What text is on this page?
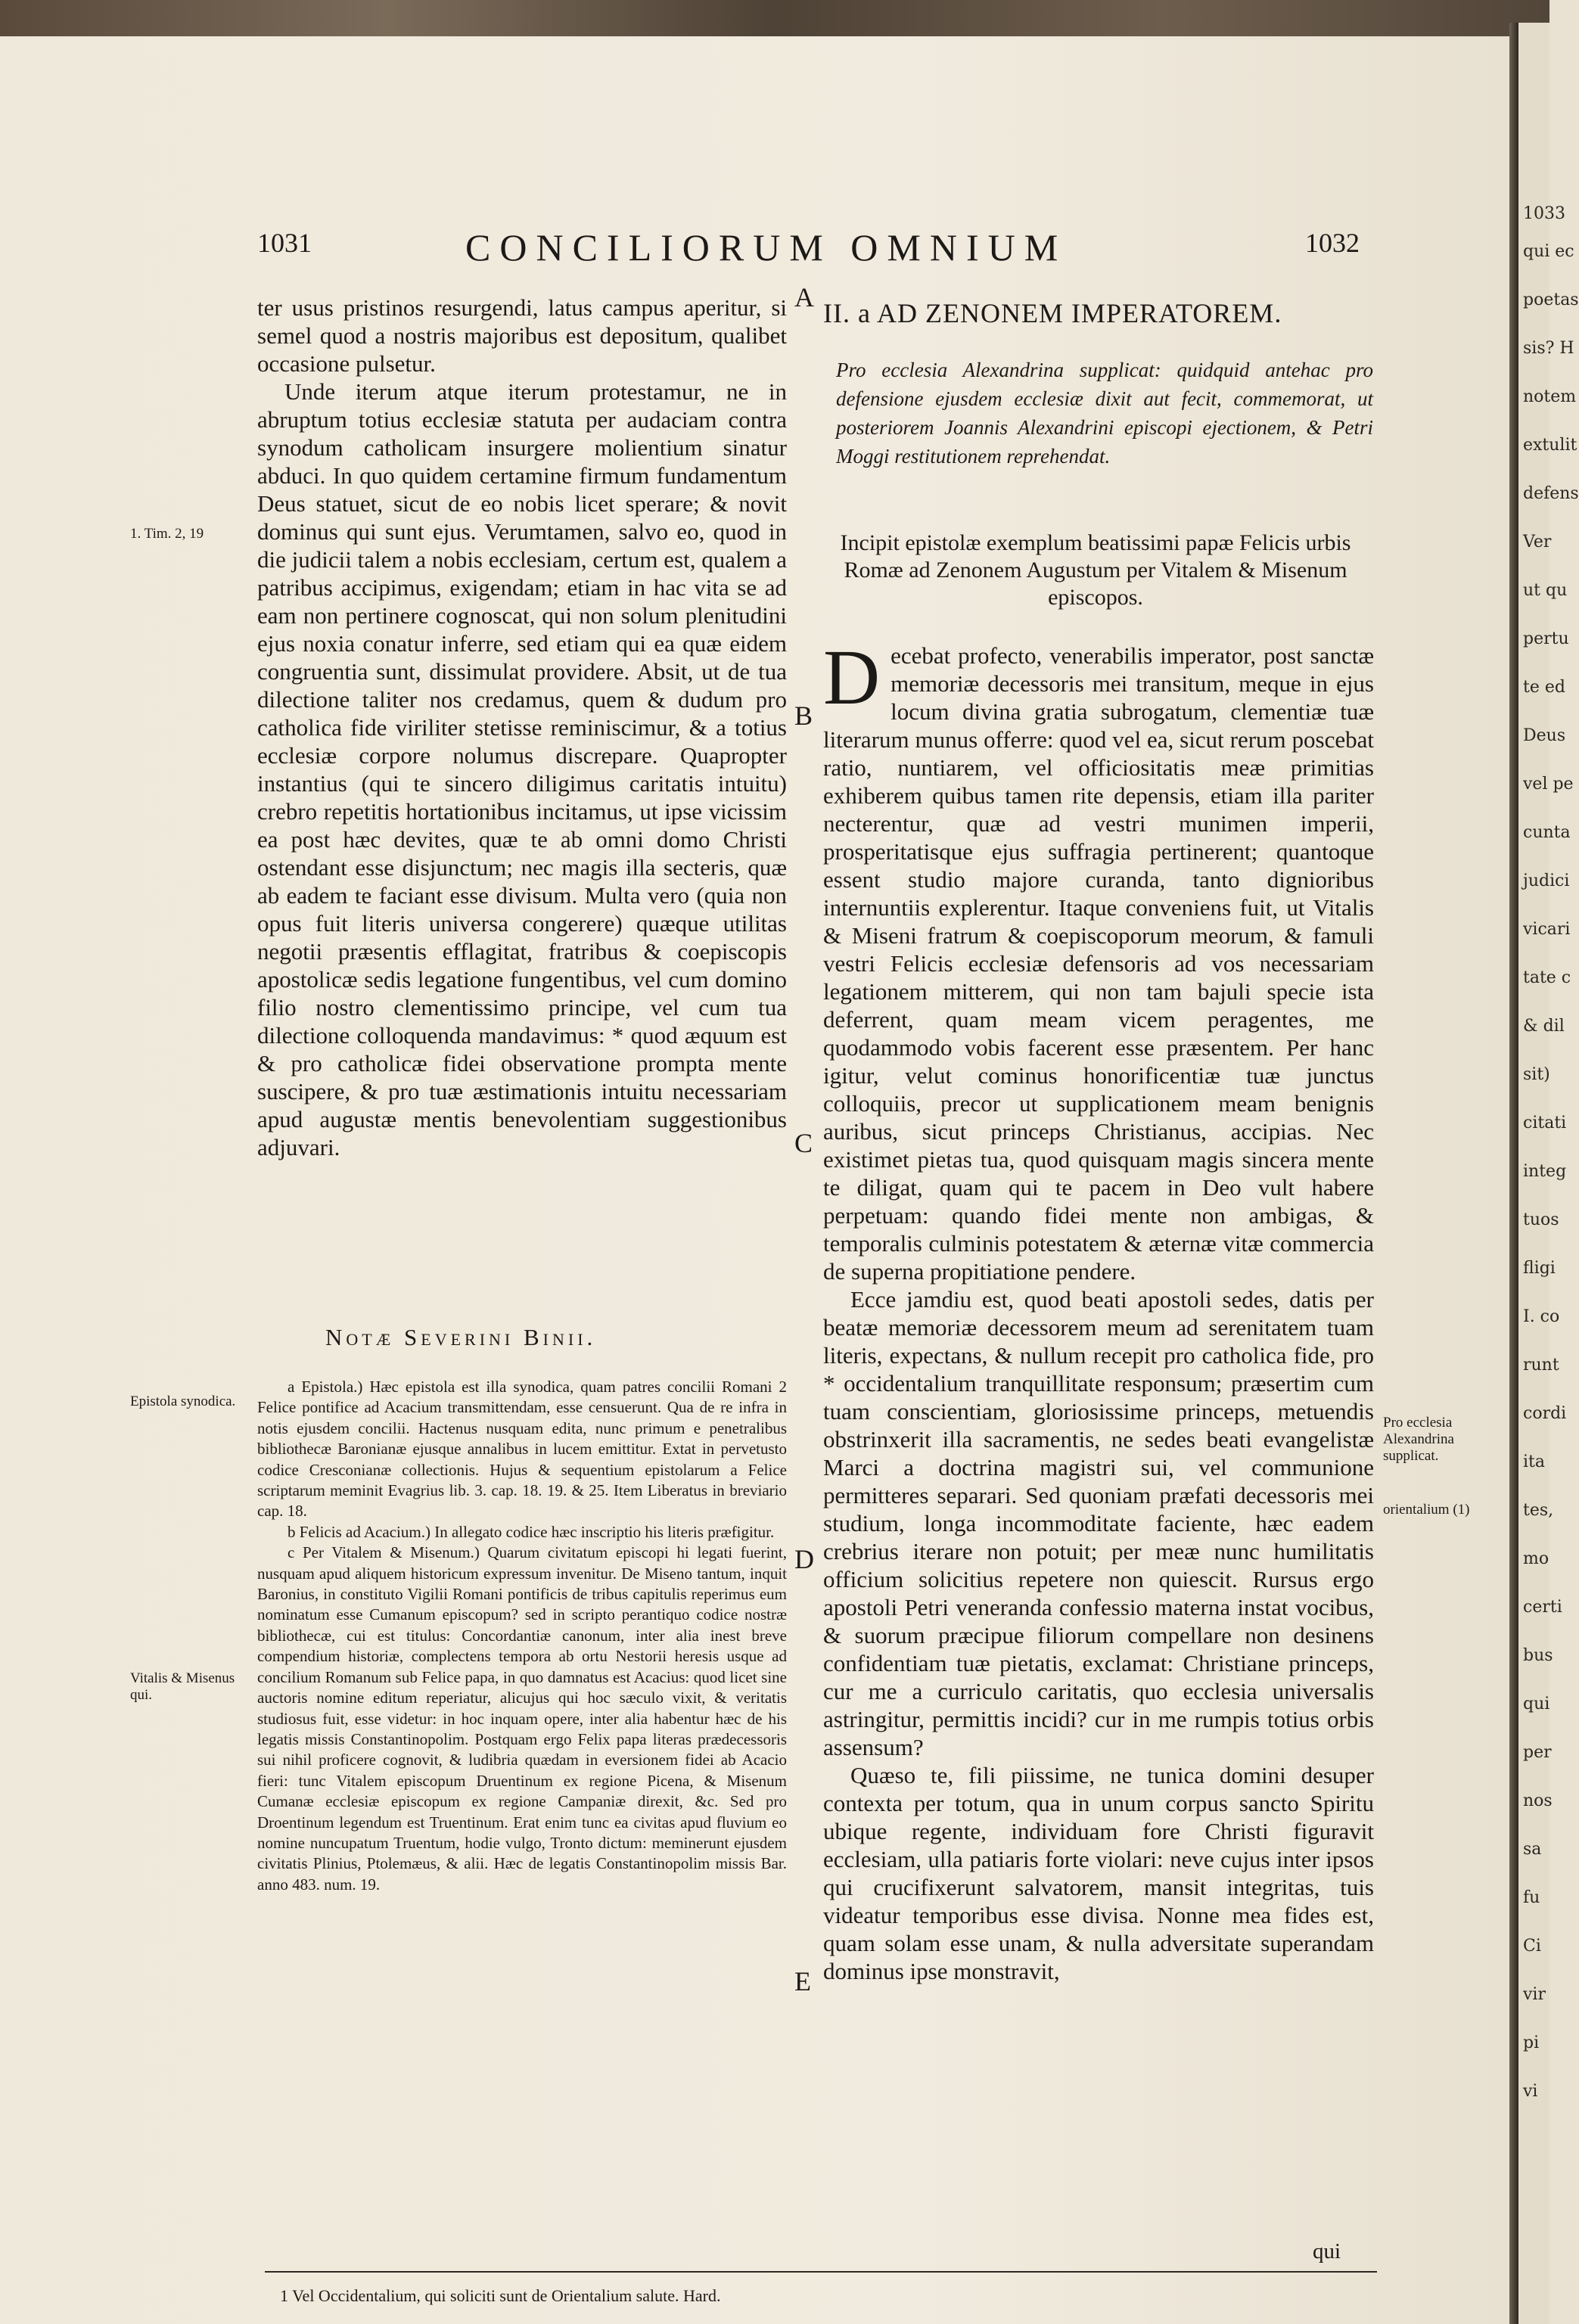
1033
qui ec
poetas
sis? H
notem
extulit
defens
Ver
ut qu
pertu
te ed
Deus
vel pe
cunta
judici
vicari
tate c
& dil
sit)
citati
integ
tuos
fligi
I. co
runt
cordi
ita
tes,
mo
certi
bus
qui
per
nos
sa
fu
Ci
vir
pi
vi
1031	CONCILIORUM OMNIUM	1032
A
B
C
D
E

ter usus pristinos resurgendi, latus campus aperitur, si semel quod a nostris majoribus est depositum, qualibet occasione pulsetur.

Unde iterum atque iterum protestamur, ne in abruptum totius ecclesiæ statuta per audaciam contra synodum catholicam insurgere molientium sinatur abduci. In quo quidem certamine firmum fundamentum Deus statuet, sicut de eo nobis licet sperare; & novit dominus qui sunt ejus. Verumtamen, salvo eo, quod in die judicii talem a nobis ecclesiam, certum est, qualem a patribus accipimus, exigendam; etiam in hac vita se ad eam non pertinere cognoscat, qui non solum plenitudini ejus noxia conatur inferre, sed etiam qui ea quæ eidem congruentia sunt, dissimulat providere. Absit, ut de tua dilectione taliter nos credamus, quem & dudum pro catholica fide viriliter stetisse reminiscimur, & a totius ecclesiæ corpore nolumus discrepare. Quapropter instantius (qui te sincero diligimus caritatis intuitu) crebro repetitis hortationibus incitamus, ut ipse vicissim ea post hæc devites, quæ te ab omni domo Christi ostendant esse disjunctum; nec magis illa secteris, quæ ab eadem te faciant esse divisum. Multa vero (quia non opus fuit literis universa congerere) quæque utilitas negotii præsentis efflagitat, fratribus & coepiscopis apostolicæ sedis legatione fungentibus, vel cum domino filio nostro clementissimo principe, vel cum tua dilectione colloquenda mandavimus: * quod æquum est & pro catholicæ fidei observatione prompta mente suscipere, & pro tuæ æstimationis intuitu necessariam apud augustæ mentis benevolentiam suggestionibus adjuvari.

1. Tim. 2, 19
Epistola synodica.
Vitalis & Misenus qui.
Pro ecclesia Alexandrina supplicat.
orientalium (1)
Notæ Severini Binii.

a Epistola.) Hæc epistola est illa synodica, quam patres concilii Romani 2 Felice pontifice ad Acacium transmittendam, esse censuerunt. Qua de re infra in notis ejusdem concilii. Hactenus nusquam edita, nunc primum e penetralibus bibliothecæ Baronianæ ejusque annalibus in lucem emittitur. Extat in pervetusto codice Cresconianæ collectionis. Hujus & sequentium epistolarum a Felice scriptarum meminit Evagrius lib. 3. cap. 18. 19. & 25. Item Liberatus in breviario cap. 18.

b Felicis ad Acacium.) In allegato codice hæc inscriptio his literis præfigitur.

c Per Vitalem & Misenum.) Quarum civitatum episcopi hi legati fuerint, nusquam apud aliquem historicum expressum invenitur. De Miseno tantum, inquit Baronius, in constituto Vigilii Romani pontificis de tribus capitulis reperimus eum nominatum esse Cumanum episcopum? sed in scripto perantiquo codice nostræ bibliothecæ, cui est titulus: Concordantiæ canonum, inter alia inest breve compendium historiæ, complectens tempora ab ortu Nestorii heresis usque ad concilium Romanum sub Felice papa, in quo damnatus est Acacius: quod licet sine auctoris nomine editum reperiatur, alicujus qui hoc sæculo vixit, & veritatis studiosus fuit, esse videtur: in hoc inquam opere, inter alia habentur hæc de his legatis missis Constantinopolim. Postquam ergo Felix papa literas prædecessoris sui nihil proficere cognovit, & ludibria quædam in eversionem fidei ab Acacio fieri: tunc Vitalem episcopum Druentinum ex regione Picena, & Misenum Cumanæ ecclesiæ episcopum ex regione Campaniæ direxit, &c. Sed pro Droentinum legendum est Truentinum. Erat enim tunc ea civitas apud fluvium eo nomine nuncupatum Truentum, hodie vulgo, Tronto dictum: meminerunt ejusdem civitatis Plinius, Ptolemæus, & alii. Hæc de legatis Constantinopolim missis Bar. anno 483. num. 19.

II. a AD ZENONEM IMPERATOREM.
Pro ecclesia Alexandrina supplicat: quidquid antehac pro defensione ejusdem ecclesiæ dixit aut fecit, commemorat, ut posteriorem Joannis Alexandrini episcopi ejectionem, & Petri Moggi restitutionem reprehendat.
Incipit epistolæ exemplum beatissimi papæ Felicis urbis Romæ ad Zenonem Augustum per Vitalem & Misenum episcopos.

Decebat profecto, venerabilis imperator, post sanctæ memoriæ decessoris mei transitum, meque in ejus locum divina gratia subrogatum, clementiæ tuæ literarum munus offerre: quod vel ea, sicut rerum poscebat ratio, nuntiarem, vel officiositatis meæ primitias exhiberem quibus tamen rite depensis, etiam illa pariter necterentur, quæ ad vestri munimen imperii, prosperitatisque ejus suffragia pertinerent; quantoque essent studio majore curanda, tanto dignioribus internuntiis explerentur. Itaque conveniens fuit, ut Vitalis & Miseni fratrum & coepiscoporum meorum, & famuli vestri Felicis ecclesiæ defensoris ad vos necessariam legationem mitterem, qui non tam bajuli specie ista deferrent, quam meam vicem peragentes, me quodammodo vobis facerent esse præsentem. Per hanc igitur, velut cominus honorificentiæ tuæ junctus colloquiis, precor ut supplicationem meam benignis auribus, sicut princeps Christianus, accipias. Nec existimet pietas tua, quod quisquam magis sincera mente te diligat, quam qui te pacem in Deo vult habere perpetuam: quando fidei mente non ambigas, & temporalis culminis potestatem & æternæ vitæ commercia de superna propitiatione pendere.

Ecce jamdiu est, quod beati apostoli sedes, datis per beatæ memoriæ decessorem meum ad serenitatem tuam literis, expectans, & nullum recepit pro catholica fide, pro * occidentalium tranquillitate responsum; præsertim cum tuam conscientiam, gloriosissime princeps, metuendis obstrinxerit illa sacramentis, ne sedes beati evangelistæ Marci a doctrina magistri sui, vel communione permitteres separari. Sed quoniam præfati decessoris mei studium, longa incommoditate faciente, hæc eadem crebrius iterare non potuit; per meæ nunc humilitatis officium solicitius repetere non quiescit. Rursus ergo apostoli Petri veneranda confessio materna instat vocibus, & suorum præcipue filiorum compellare non desinens confidentiam tuæ pietatis, exclamat: Christiane princeps, cur me a curriculo caritatis, quo ecclesia universalis astringitur, permittis incidi? cur in me rumpis totius orbis assensum?

Quæso te, fili piissime, ne tunica domini desuper contexta per totum, qua in unum corpus sancto Spiritu ubique regente, individuam fore Christi figuravit ecclesiam, ulla patiaris forte violari: neve cujus inter ipsos qui crucifixerunt salvatorem, mansit integritas, tuis videatur temporibus esse divisa. Nonne mea fides est, quam solam esse unam, & nulla adversitate superandam dominus ipse monstravit,

qui
1 Vel Occidentalium, qui soliciti sunt de Orientalium salute. Hard.
